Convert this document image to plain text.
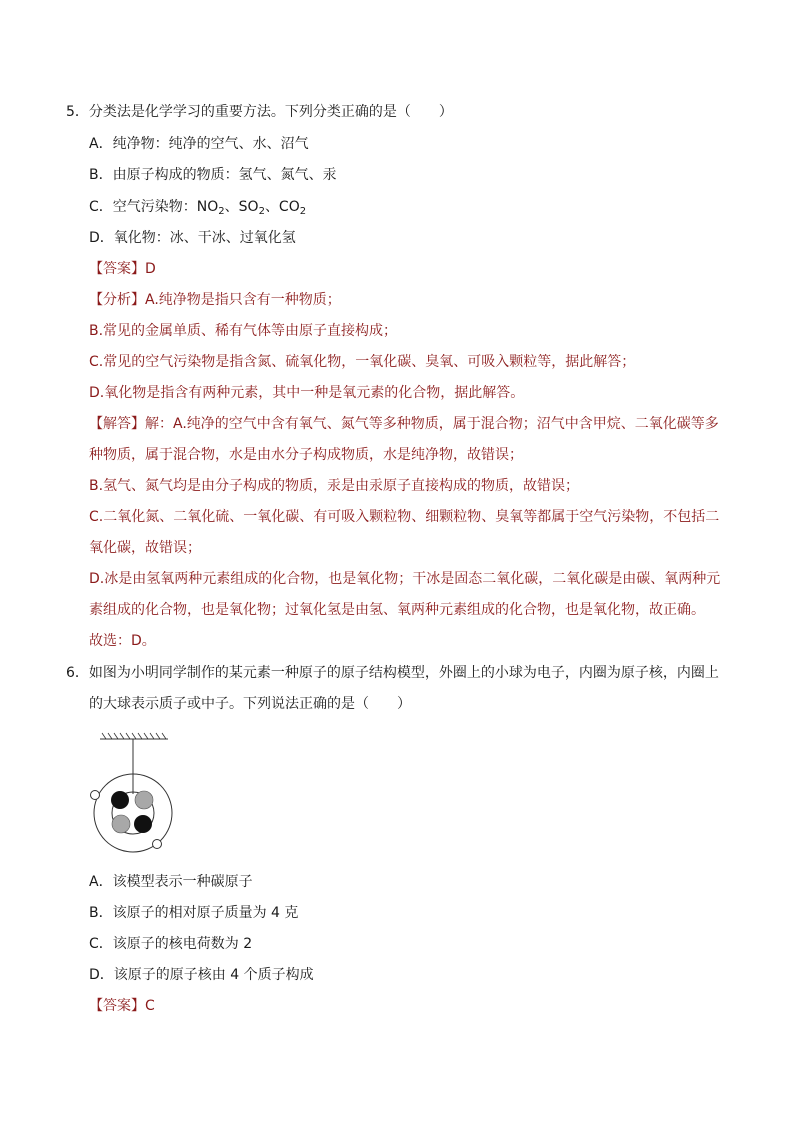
5．分类法是化学学习的重要方法。下列分类正确的是（　　）
A．纯净物：纯净的空气、水、沼气
B．由原子构成的物质：氢气、氮气、汞
C．空气污染物：$NO_2$、$SO_2$、$CO_2$
D．氧化物：冰、干冰、过氧化氢
【答案】D
【分析】A.纯净物是指只含有一种物质；
B.常见的金属单质、稀有气体等由原子直接构成；
C.常见的空气污染物是指含氮、硫氧化物，一氧化碳、臭氧、可吸入颗粒等，据此解答；
D.氧化物是指含有两种元素，其中一种是氧元素的化合物，据此解答。
【解答】解：A.纯净的空气中含有氧气、氮气等多种物质，属于混合物；沼气中含甲烷、二氧化碳等多
种物质，属于混合物，水是由水分子构成物质，水是纯净物，故错误；
B.氢气、氮气均是由分子构成的物质，汞是由汞原子直接构成的物质，故错误；
C.二氧化氮、二氧化硫、一氧化碳、有可吸入颗粒物、细颗粒物、臭氧等都属于空气污染物，不包括二
氧化碳，故错误；
D.冰是由氢氧两种元素组成的化合物，也是氧化物；干冰是固态二氧化碳，二氧化碳是由碳、氧两种元
素组成的化合物，也是氧化物；过氧化氢是由氢、氧两种元素组成的化合物，也是氧化物，故正确。
故选：D。
6．如图为小明同学制作的某元素一种原子的原子结构模型，外圈上的小球为电子，内圈为原子核，内圈上
的大球表示质子或中子。下列说法正确的是（　　）
A．该模型表示一种碳原子
B．该原子的相对原子质量为 4 克
C．该原子的核电荷数为 2
D．该原子的原子核由 4 个质子构成
【答案】C
